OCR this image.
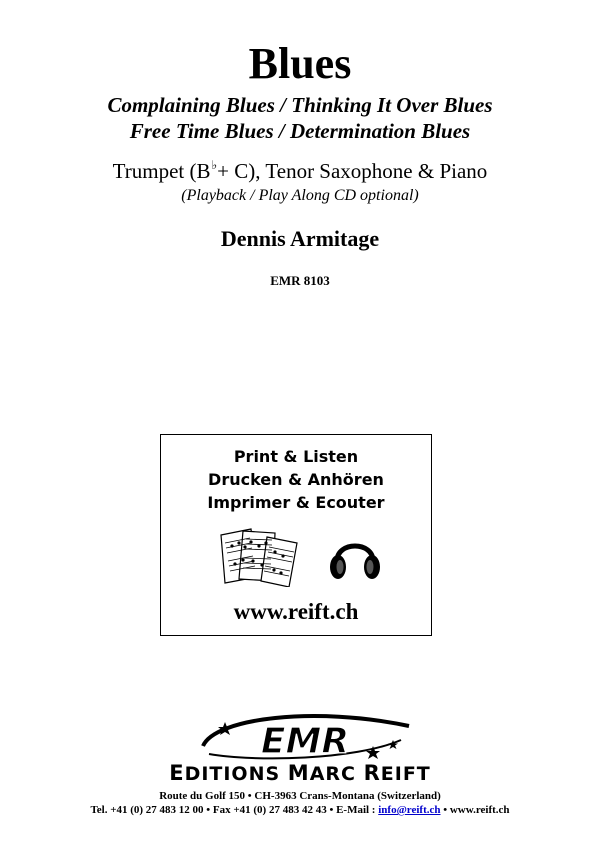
Blues
Complaining Blues / Thinking It Over Blues
Free Time Blues / Determination Blues
Trumpet (B♭+ C), Tenor Saxophone & Piano
(Playback / Play Along CD optional)
Dennis Armitage
EMR 8103
Print & Listen
Drucken & Anhören
Imprimer & Ecouter
www.reift.ch
EMR
EDITIONS MARC REIFT
Route du Golf 150 • CH-3963 Crans-Montana (Switzerland)
Tel. +41 (0) 27 483 12 00 • Fax +41 (0) 27 483 42 43 • E-Mail : info@reift.ch • www.reift.ch
